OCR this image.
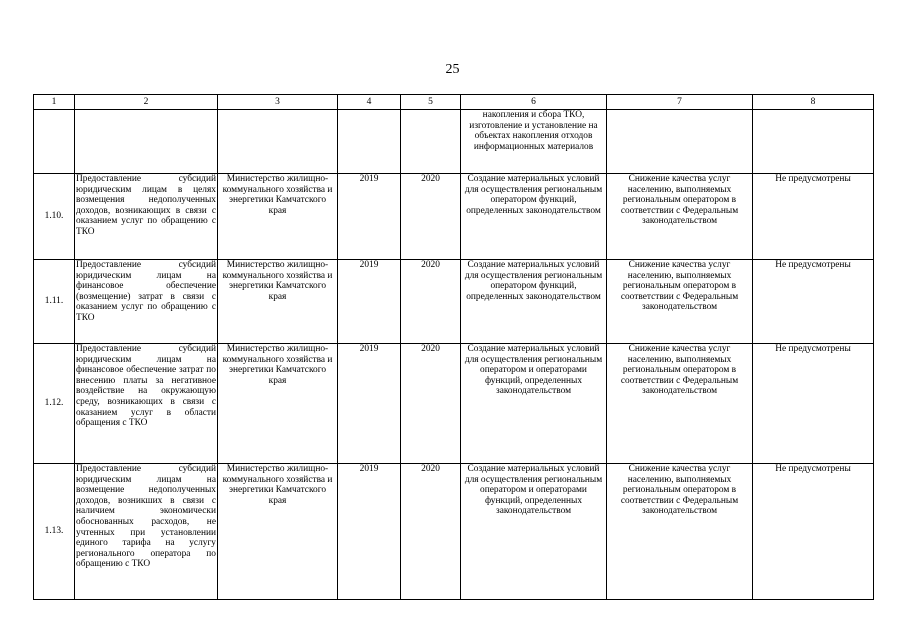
25
1	2	3	4	5	6	7	8
					накопления и сбора ТКО, изготовление и установление на объектах накопления отходов информационных материалов		
1.10.	Предоставление субсидий юридическим лицам в целях возмещения недополученных доходов, возникающих в связи с оказанием услуг по обращению с ТКО	Министерство жилищно-коммунального хозяйства и энергетики Камчатского края	2019	2020	Создание материальных условий для осуществления региональным оператором функций, определенных законодательством	Снижение качества услуг населению, выполняемых региональным оператором в соответствии с Федеральным законодательством	Не предусмотрены
1.11.	Предоставление субсидий юридическим лицам на финансовое обеспечение (возмещение) затрат в связи с оказанием услуг по обращению с ТКО	Министерство жилищно-коммунального хозяйства и энергетики Камчатского края	2019	2020	Создание материальных условий для осуществления региональным оператором функций, определенных законодательством	Снижение качества услуг населению, выполняемых региональным оператором в соответствии с Федеральным законодательством	Не предусмотрены
1.12.	Предоставление субсидий юридическим лицам на финансовое обеспечение затрат по внесению платы за негативное воздействие на окружающую среду, возникающих в связи с оказанием услуг в области обращения с ТКО	Министерство жилищно-коммунального хозяйства и энергетики Камчатского края	2019	2020	Создание материальных условий для осуществления региональным оператором и операторами функций, определенных законодательством	Снижение качества услуг населению, выполняемых региональным оператором в соответствии с Федеральным законодательством	Не предусмотрены
1.13.	Предоставление субсидий юридическим лицам на возмещение недополученных доходов, возникших в связи с наличием экономически обоснованных расходов, не учтенных при установлении единого тарифа на услугу регионального оператора по обращению с ТКО	Министерство жилищно-коммунального хозяйства и энергетики Камчатского края	2019	2020	Создание материальных условий для осуществления региональным оператором и операторами функций, определенных законодательством	Снижение качества услуг населению, выполняемых региональным оператором в соответствии с Федеральным законодательством	Не предусмотрены
